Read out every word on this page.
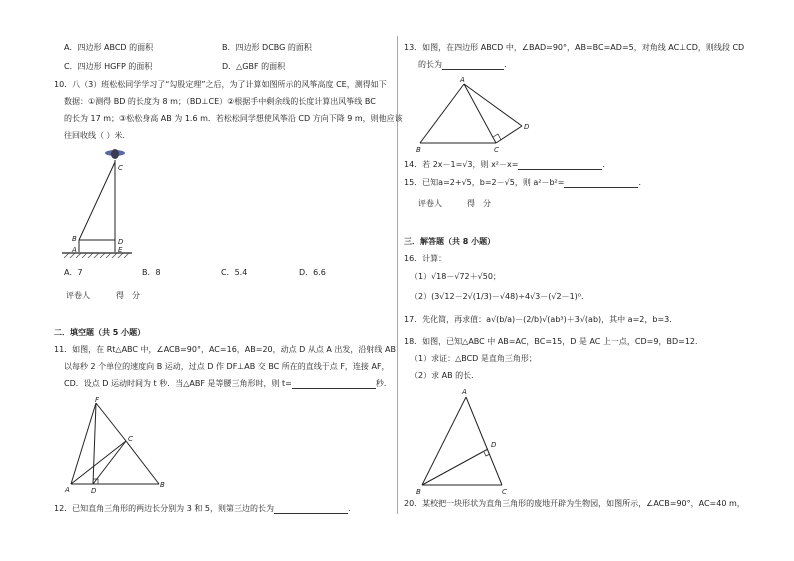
A．四边形 ABCD 的面积	B．四边形 DCBG 的面积
C．四边形 HGFP 的面积	D．△GBF 的面积
10．八（3）班松松同学学习了“勾股定理”之后，为了计算如图所示的风筝高度 CE，测得如下
数据：①测得 BD 的长度为 8 m；（BD⊥CE）②根据手中剩余线的长度计算出风筝线 BC
的长为 17 m；③松松身高 AB 为 1.6 m．若松松同学想使风筝沿 CD 方向下降 9 m，则他应该
往回收线（ ）米．
C
B	D
A	E
A．7	B．8	C．5.4	D．6.6
评卷人	得　分
二．填空题（共 5 小题）
11．如图，在 Rt△ABC 中，∠ACB=90°，AC=16，AB=20，动点 D 从点 A 出发，沿射线 AB
以每秒 2 个单位的速度向 B 运动，过点 D 作 DF⊥AB 交 BC 所在的直线于点 F，连接 AF，
CD．设点 D 运动时间为 t 秒．当△ABF 是等腰三角形时，则 t=	秒．
F
C
A	D
B
12．已知直角三角形的两边长分别为 3 和 5，则第三边的长为	．
13．如图，在四边形 ABCD 中，∠BAD=90°，AB=BC=AD=5，对角线 AC⊥CD，则线段 CD
的长为	．
A
D
B	C
14．若 2x－1=√3，则 x²－x=	．
15．已知a=2+√5，b=2－√5，则 a²－b²=	．
评卷人	得　分
三．解答题（共 8 小题）
16．计算：
（1）√18－√72＋√50；
（2）(3√12－2√(1/3)－√48)÷4√3－(√2－1)⁰．
17．先化简，再求值：a√(b/a)－(2/b)√(ab³)＋3√(ab)，其中 a=2，b=3．
18．如图，已知△ABC 中 AB=AC，BC=15，D 是 AC 上一点，CD=9，BD=12．
（1）求证：△BCD 是直角三角形；
（2）求 AB 的长．
A
D
B	C
20．某校把一块形状为直角三角形的废地开辟为生物园，如图所示，∠ACB=90°，AC=40 m，
